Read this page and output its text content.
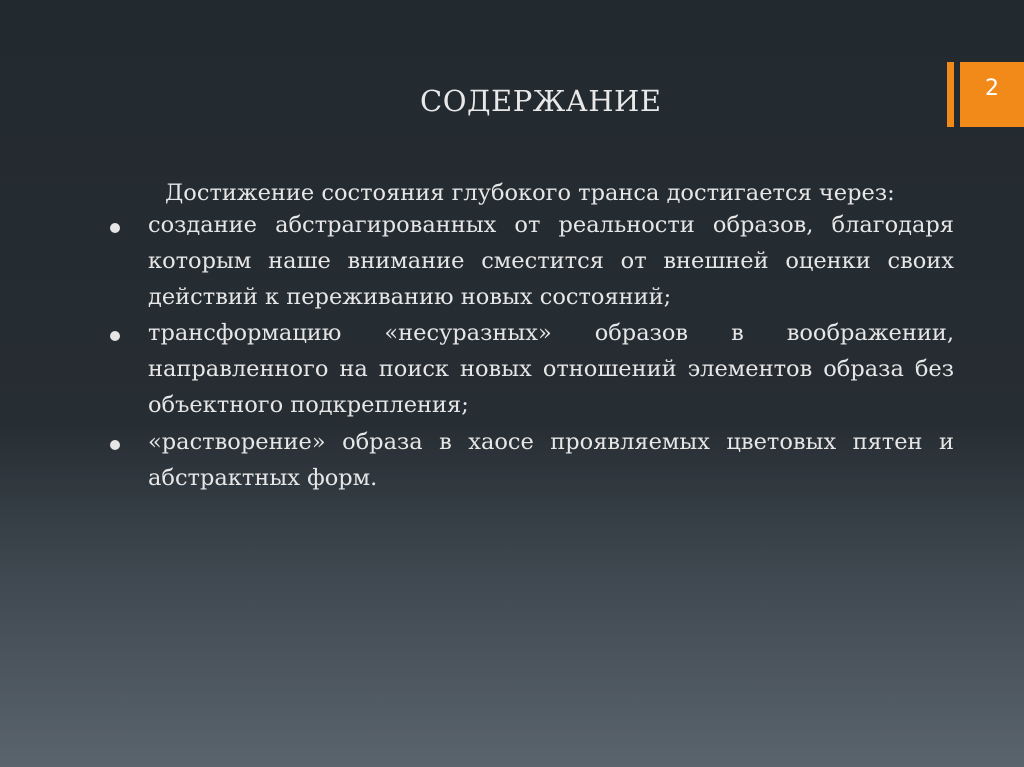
СОДЕРЖАНИЕ	2
Достижение состояния глубокого транса достигается через:
создание абстрагированных от реальности образов, благодаря которым наше внимание сместится от внешней оценки своих действий к переживанию новых состояний;
трансформацию «несуразных» образов в воображении, направленного на поиск новых отношений элементов образа без объектного подкрепления;
«растворение» образа в хаосе проявляемых цветовых пятен и абстрактных форм.
